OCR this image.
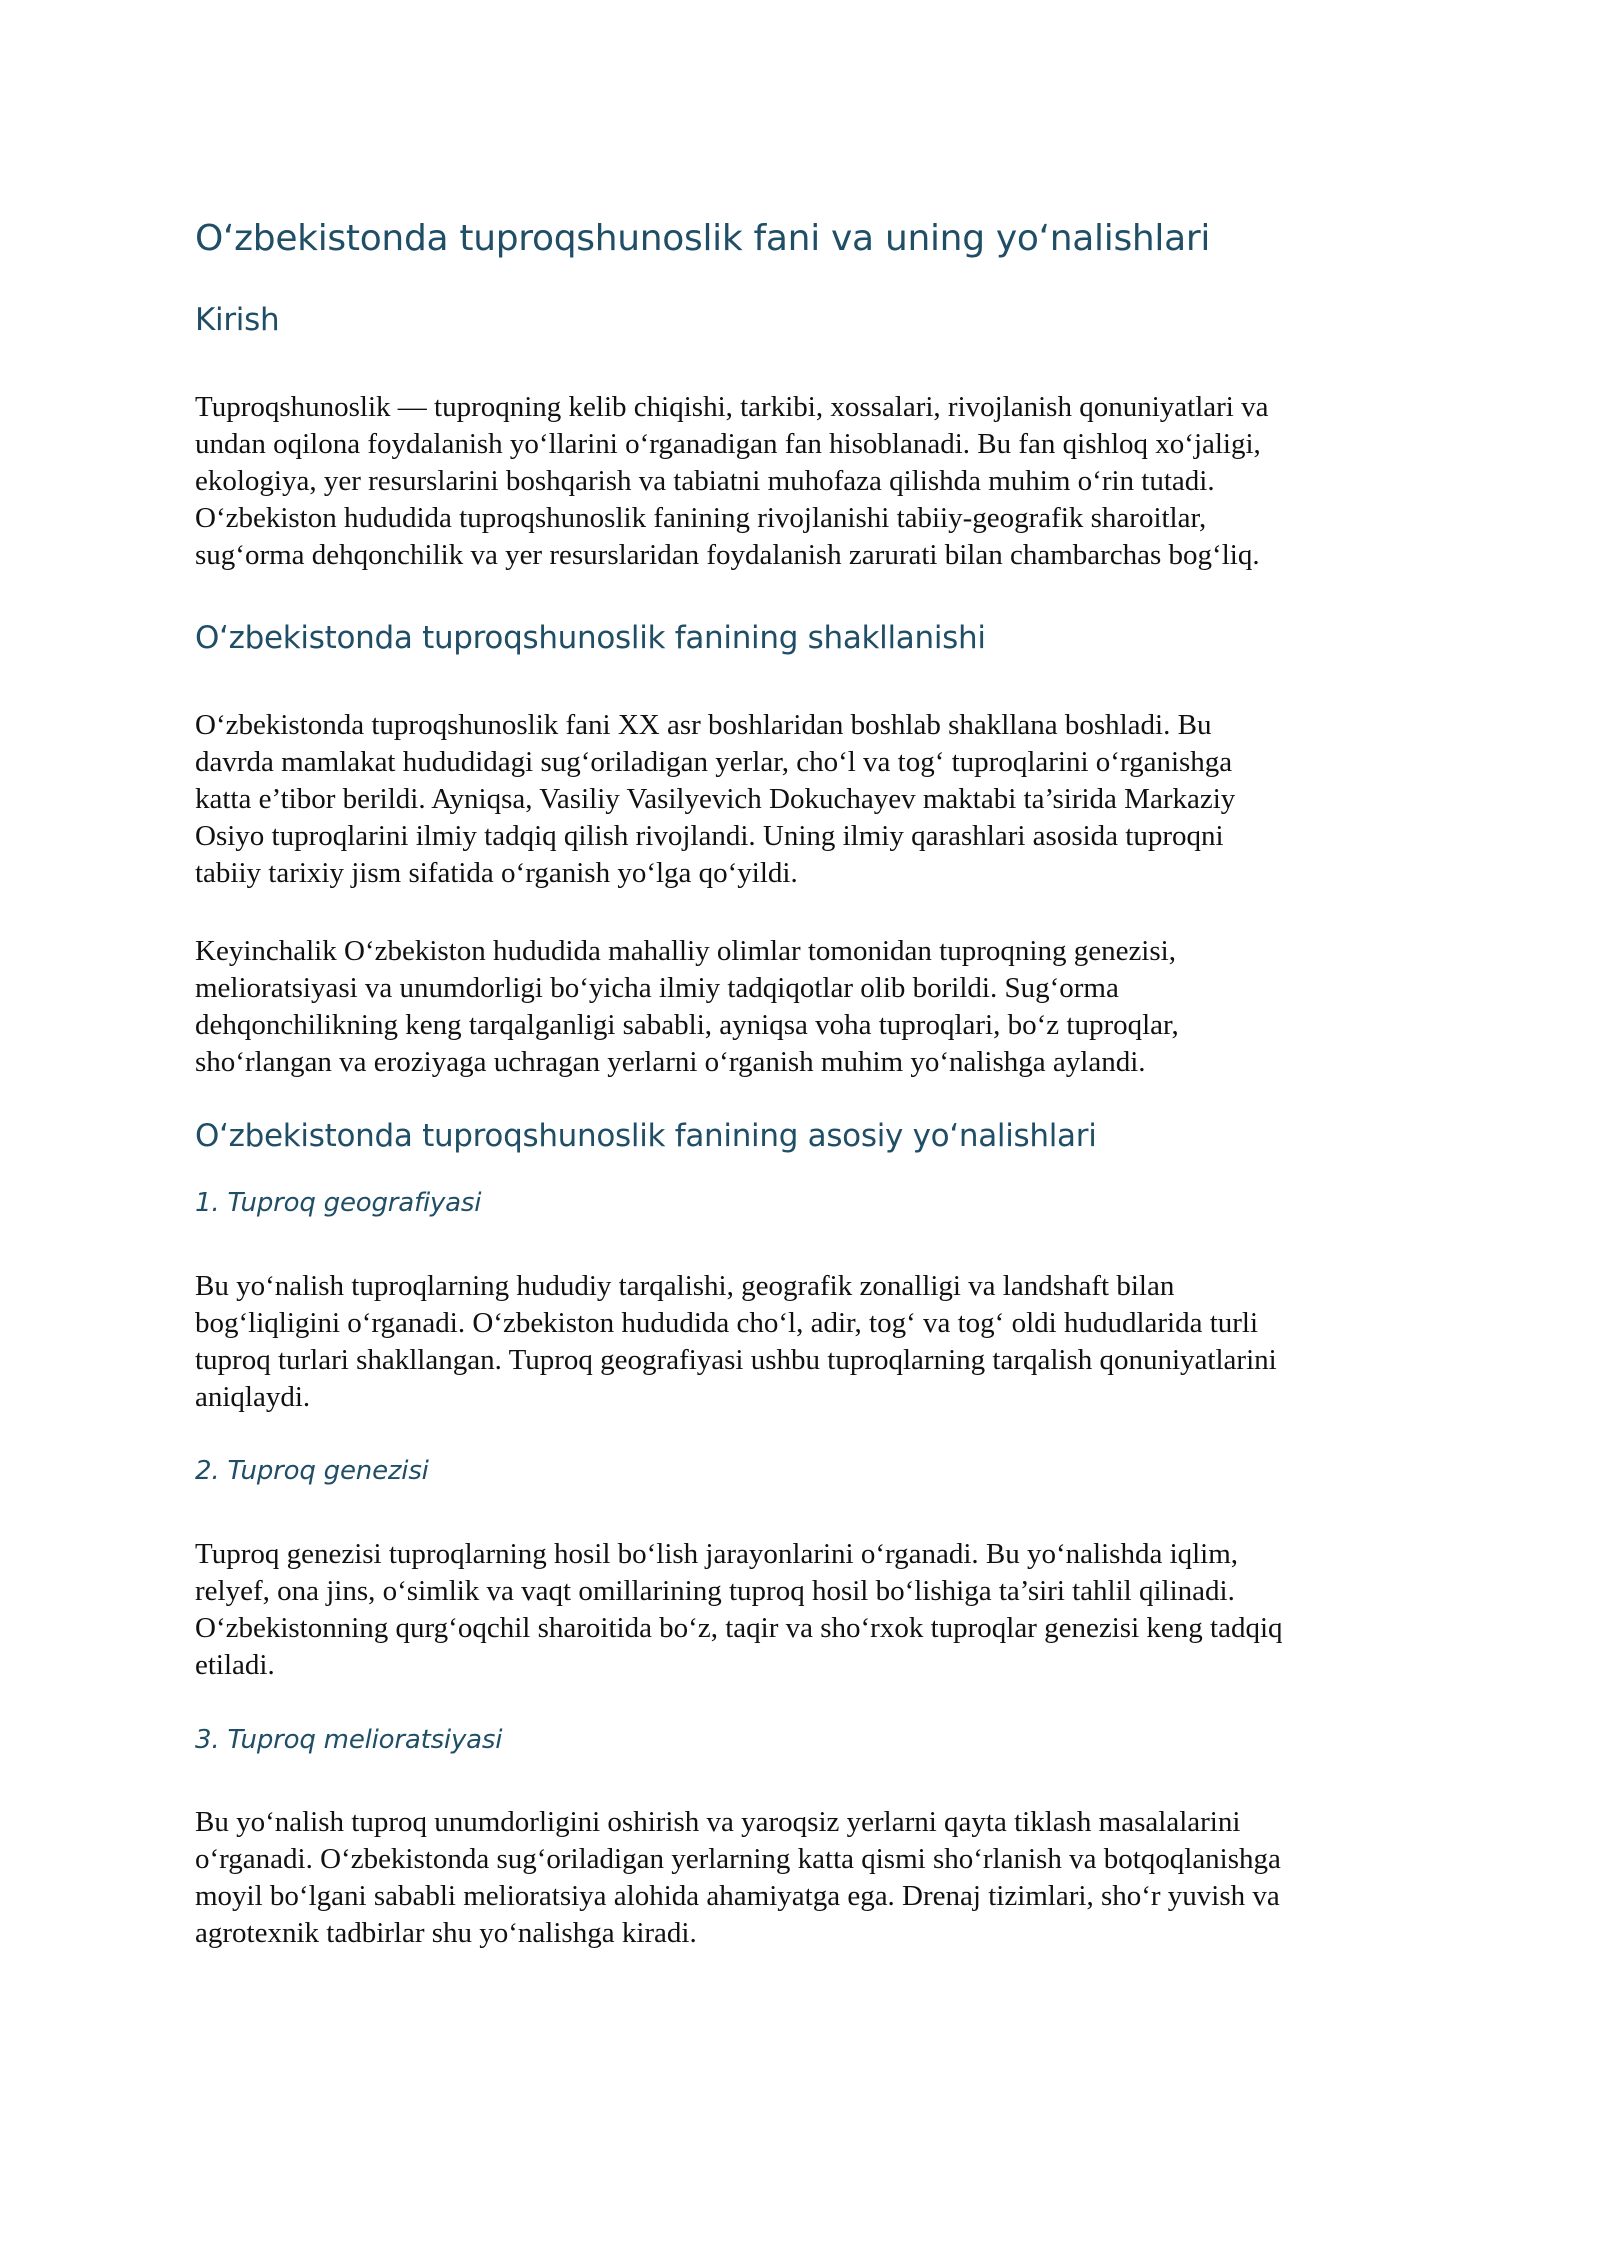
O‘zbekistonda tuproqshunoslik fani va uning yo‘nalishlari
Kirish
Tuproqshunoslik — tuproqning kelib chiqishi, tarkibi, xossalari, rivojlanish qonuniyatlari va
undan oqilona foydalanish yo‘llarini o‘rganadigan fan hisoblanadi. Bu fan qishloq xo‘jaligi,
ekologiya, yer resurslarini boshqarish va tabiatni muhofaza qilishda muhim o‘rin tutadi.
O‘zbekiston hududida tuproqshunoslik fanining rivojlanishi tabiiy-geografik sharoitlar,
sug‘orma dehqonchilik va yer resurslaridan foydalanish zarurati bilan chambarchas bog‘liq.
O‘zbekistonda tuproqshunoslik fanining shakllanishi
O‘zbekistonda tuproqshunoslik fani XX asr boshlaridan boshlab shakllana boshladi. Bu
davrda mamlakat hududidagi sug‘oriladigan yerlar, cho‘l va tog‘ tuproqlarini o‘rganishga
katta e’tibor berildi. Ayniqsa, Vasiliy Vasilyevich Dokuchayev maktabi ta’sirida Markaziy
Osiyo tuproqlarini ilmiy tadqiq qilish rivojlandi. Uning ilmiy qarashlari asosida tuproqni
tabiiy tarixiy jism sifatida o‘rganish yo‘lga qo‘yildi.
Keyinchalik O‘zbekiston hududida mahalliy olimlar tomonidan tuproqning genezisi,
melioratsiyasi va unumdorligi bo‘yicha ilmiy tadqiqotlar olib borildi. Sug‘orma
dehqonchilikning keng tarqalganligi sababli, ayniqsa voha tuproqlari, bo‘z tuproqlar,
sho‘rlangan va eroziyaga uchragan yerlarni o‘rganish muhim yo‘nalishga aylandi.
O‘zbekistonda tuproqshunoslik fanining asosiy yo‘nalishlari
1. Tuproq geografiyasi
Bu yo‘nalish tuproqlarning hududiy tarqalishi, geografik zonalligi va landshaft bilan
bog‘liqligini o‘rganadi. O‘zbekiston hududida cho‘l, adir, tog‘ va tog‘ oldi hududlarida turli
tuproq turlari shakllangan. Tuproq geografiyasi ushbu tuproqlarning tarqalish qonuniyatlarini
aniqlaydi.
2. Tuproq genezisi
Tuproq genezisi tuproqlarning hosil bo‘lish jarayonlarini o‘rganadi. Bu yo‘nalishda iqlim,
relyef, ona jins, o‘simlik va vaqt omillarining tuproq hosil bo‘lishiga ta’siri tahlil qilinadi.
O‘zbekistonning qurg‘oqchil sharoitida bo‘z, taqir va sho‘rxok tuproqlar genezisi keng tadqiq
etiladi.
3. Tuproq melioratsiyasi
Bu yo‘nalish tuproq unumdorligini oshirish va yaroqsiz yerlarni qayta tiklash masalalarini
o‘rganadi. O‘zbekistonda sug‘oriladigan yerlarning katta qismi sho‘rlanish va botqoqlanishga
moyil bo‘lgani sababli melioratsiya alohida ahamiyatga ega. Drenaj tizimlari, sho‘r yuvish va
agrotexnik tadbirlar shu yo‘nalishga kiradi.
